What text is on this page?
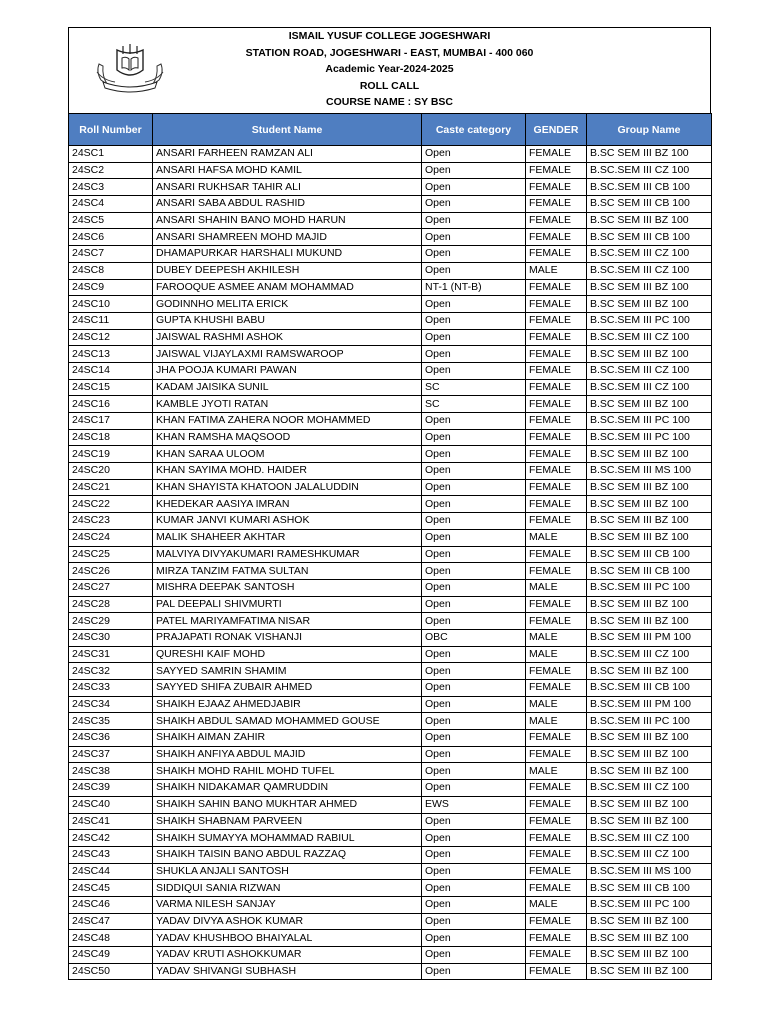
ISMAIL YUSUF COLLEGE JOGESHWARI
STATION ROAD, JOGESHWARI - EAST, MUMBAI - 400 060
Academic Year-2024-2025
ROLL CALL
COURSE NAME : SY BSC
Roll Number	Student Name	Caste category	GENDER	Group Name
24SC1	ANSARI FARHEEN RAMZAN ALI	Open	FEMALE	B.SC SEM III BZ 100
24SC2	ANSARI HAFSA MOHD KAMIL	Open	FEMALE	B.SC.SEM III CZ 100
24SC3	ANSARI RUKHSAR TAHIR ALI	Open	FEMALE	B.SC.SEM III CB 100
24SC4	ANSARI SABA ABDUL RASHID	Open	FEMALE	B.SC SEM III CB 100
24SC5	ANSARI SHAHIN BANO MOHD HARUN	Open	FEMALE	B.SC SEM III BZ 100
24SC6	ANSARI SHAMREEN MOHD MAJID	Open	FEMALE	B.SC SEM III CB 100
24SC7	DHAMAPURKAR HARSHALI MUKUND	Open	FEMALE	B.SC.SEM III CZ 100
24SC8	DUBEY DEEPESH AKHILESH	Open	MALE	B.SC.SEM III CZ 100
24SC9	FAROOQUE ASMEE ANAM MOHAMMAD	NT-1 (NT-B)	FEMALE	B.SC SEM III BZ 100
24SC10	GODINNHO MELITA ERICK	Open	FEMALE	B.SC SEM III BZ 100
24SC11	GUPTA KHUSHI BABU	Open	FEMALE	B.SC.SEM III PC 100
24SC12	JAISWAL RASHMI ASHOK	Open	FEMALE	B.SC.SEM III CZ 100
24SC13	JAISWAL VIJAYLAXMI RAMSWAROOP	Open	FEMALE	B.SC SEM III BZ 100
24SC14	JHA POOJA KUMARI PAWAN	Open	FEMALE	B.SC.SEM III CZ 100
24SC15	KADAM JAISIKA SUNIL	SC	FEMALE	B.SC.SEM III CZ 100
24SC16	KAMBLE JYOTI RATAN	SC	FEMALE	B.SC SEM III BZ 100
24SC17	KHAN FATIMA ZAHERA NOOR MOHAMMED	Open	FEMALE	B.SC.SEM III PC 100
24SC18	KHAN RAMSHA MAQSOOD	Open	FEMALE	B.SC.SEM III PC 100
24SC19	KHAN SARAA ULOOM	Open	FEMALE	B.SC SEM III BZ 100
24SC20	KHAN SAYIMA MOHD. HAIDER	Open	FEMALE	B.SC.SEM III MS 100
24SC21	KHAN SHAYISTA KHATOON JALALUDDIN	Open	FEMALE	B.SC SEM III BZ 100
24SC22	KHEDEKAR AASIYA IMRAN	Open	FEMALE	B.SC SEM III BZ 100
24SC23	KUMAR JANVI KUMARI ASHOK	Open	FEMALE	B.SC SEM III BZ 100
24SC24	MALIK SHAHEER AKHTAR	Open	MALE	B.SC SEM III BZ 100
24SC25	MALVIYA DIVYAKUMARI RAMESHKUMAR	Open	FEMALE	B.SC SEM III CB 100
24SC26	MIRZA TANZIM FATMA SULTAN	Open	FEMALE	B.SC SEM III CB 100
24SC27	MISHRA DEEPAK SANTOSH	Open	MALE	B.SC.SEM III PC 100
24SC28	PAL DEEPALI SHIVMURTI	Open	FEMALE	B.SC SEM III BZ 100
24SC29	PATEL MARIYAMFATIMA NISAR	Open	FEMALE	B.SC SEM III BZ 100
24SC30	PRAJAPATI RONAK VISHANJI	OBC	MALE	B.SC SEM III PM 100
24SC31	QURESHI KAIF MOHD	Open	MALE	B.SC.SEM III CZ 100
24SC32	SAYYED SAMRIN SHAMIM	Open	FEMALE	B.SC SEM III BZ 100
24SC33	SAYYED SHIFA ZUBAIR AHMED	Open	FEMALE	B.SC.SEM III CB 100
24SC34	SHAIKH EJAAZ AHMEDJABIR	Open	MALE	B.SC.SEM III PM 100
24SC35	SHAIKH ABDUL SAMAD MOHAMMED GOUSE	Open	MALE	B.SC.SEM III PC 100
24SC36	SHAIKH AIMAN ZAHIR	Open	FEMALE	B.SC SEM III BZ 100
24SC37	SHAIKH ANFIYA ABDUL MAJID	Open	FEMALE	B.SC SEM III BZ 100
24SC38	SHAIKH MOHD RAHIL MOHD TUFEL	Open	MALE	B.SC SEM III BZ 100
24SC39	SHAIKH NIDAKAMAR QAMRUDDIN	Open	FEMALE	B.SC.SEM III CZ 100
24SC40	SHAIKH SAHIN BANO MUKHTAR AHMED	EWS	FEMALE	B.SC SEM III BZ 100
24SC41	SHAIKH SHABNAM PARVEEN	Open	FEMALE	B.SC SEM III BZ 100
24SC42	SHAIKH SUMAYYA MOHAMMAD RABIUL	Open	FEMALE	B.SC.SEM III CZ 100
24SC43	SHAIKH TAISIN BANO ABDUL RAZZAQ	Open	FEMALE	B.SC.SEM III CZ 100
24SC44	SHUKLA ANJALI SANTOSH	Open	FEMALE	B.SC.SEM III MS 100
24SC45	SIDDIQUI SANIA RIZWAN	Open	FEMALE	B.SC SEM III CB 100
24SC46	VARMA NILESH SANJAY	Open	MALE	B.SC.SEM III PC 100
24SC47	YADAV DIVYA ASHOK KUMAR	Open	FEMALE	B.SC SEM III BZ 100
24SC48	YADAV KHUSHBOO BHAIYALAL	Open	FEMALE	B.SC SEM III BZ 100
24SC49	YADAV KRUTI ASHOKKUMAR	Open	FEMALE	B.SC SEM III BZ 100
24SC50	YADAV SHIVANGI SUBHASH	Open	FEMALE	B.SC SEM III BZ 100
